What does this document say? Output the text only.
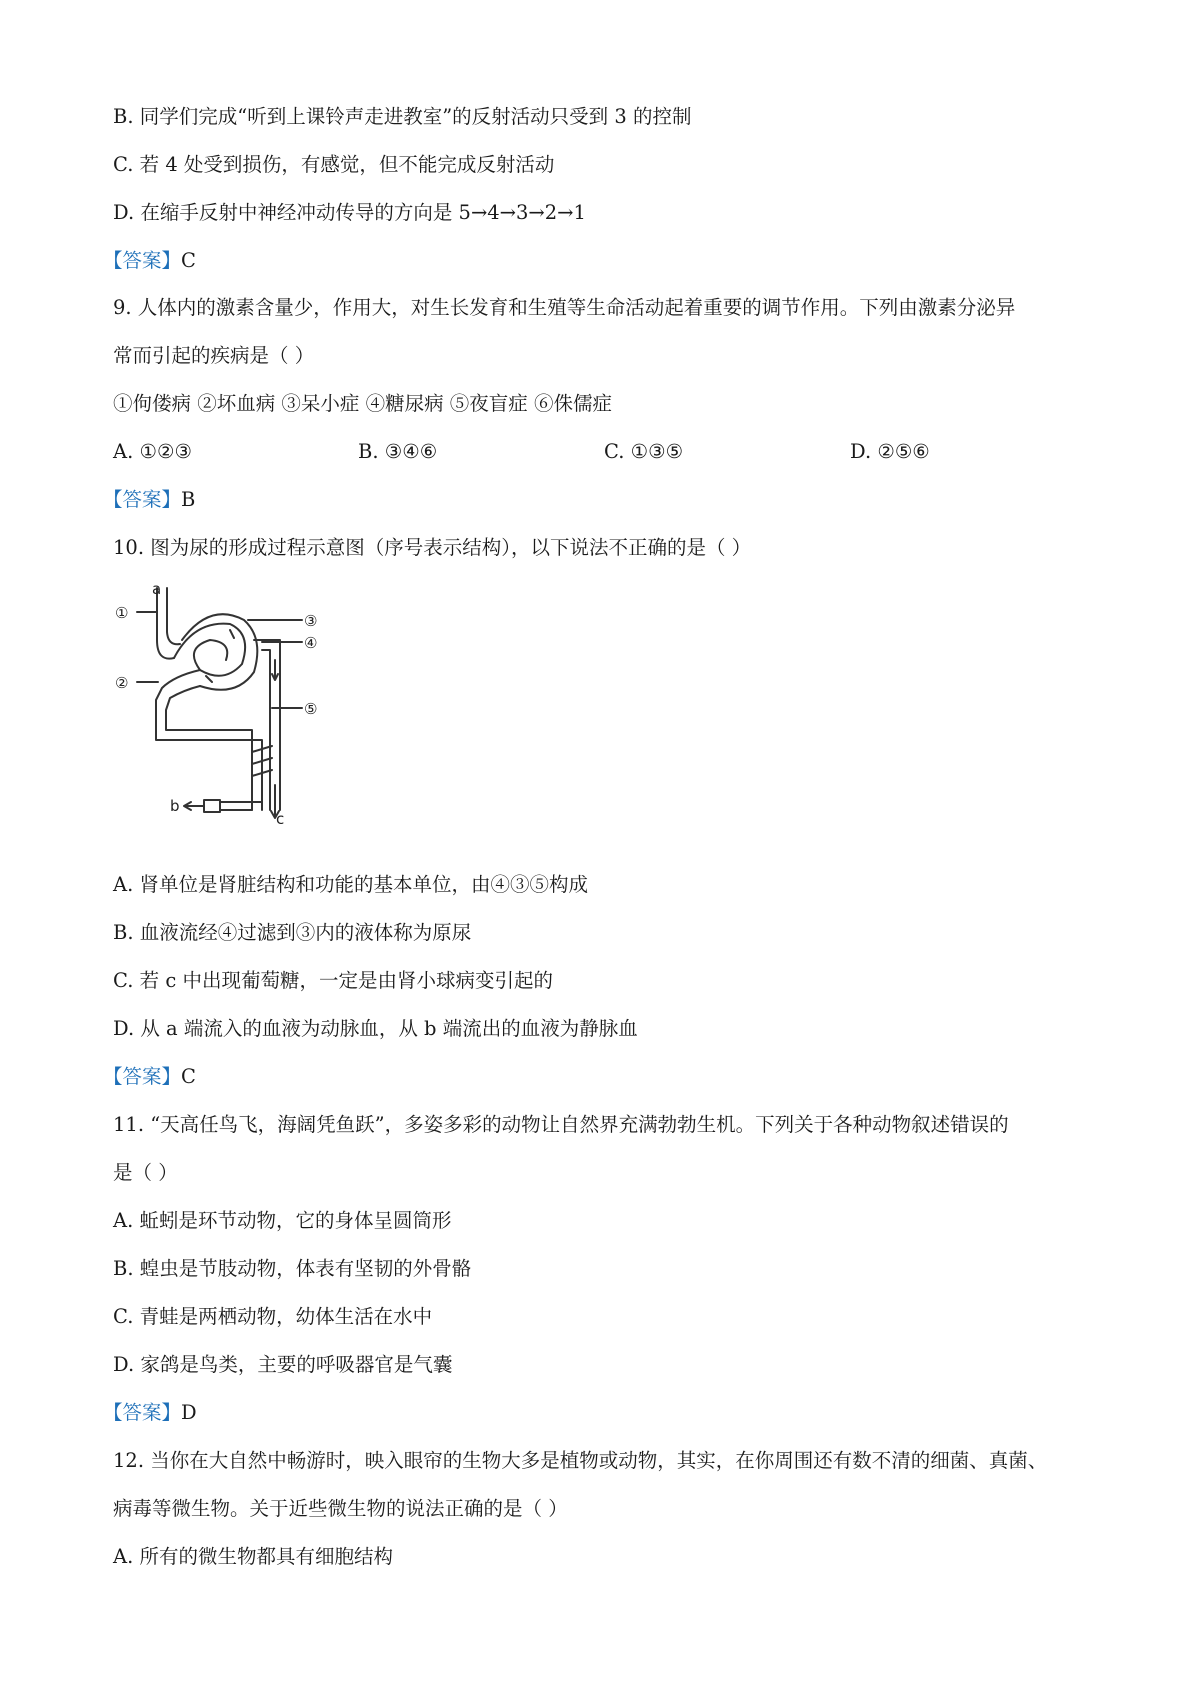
B. 同学们完成“听到上课铃声走进教室”的反射活动只受到 3 的控制
C. 若 4 处受到损伤，有感觉，但不能完成反射活动
D. 在缩手反射中神经冲动传导的方向是 5→4→3→2→1
【答案】C
9. 人体内的激素含量少，作用大，对生长发育和生殖等生命活动起着重要的调节作用。下列由激素分泌异
常而引起的疾病是（ ）
①佝偻病 ②坏血病 ③呆小症 ④糖尿病 ⑤夜盲症 ⑥侏儒症
A. ①②③	B. ③④⑥	C. ①③⑤	D. ②⑤⑥
【答案】B
10. 图为尿的形成过程示意图（序号表示结构），以下说法不正确的是（ ）
a
①
②
③
④
⑤
b
c
A. 肾单位是肾脏结构和功能的基本单位，由④③⑤构成
B. 血液流经④过滤到③内的液体称为原尿
C. 若 c 中出现葡萄糖，一定是由肾小球病变引起的
D. 从 a 端流入的血液为动脉血，从 b 端流出的血液为静脉血
【答案】C
11. “天高任鸟飞，海阔凭鱼跃”，多姿多彩的动物让自然界充满勃勃生机。下列关于各种动物叙述错误的
是（ ）
A. 蚯蚓是环节动物，它的身体呈圆筒形
B. 蝗虫是节肢动物，体表有坚韧的外骨骼
C. 青蛙是两栖动物，幼体生活在水中
D. 家鸽是鸟类，主要的呼吸器官是气囊
【答案】D
12. 当你在大自然中畅游时，映入眼帘的生物大多是植物或动物，其实，在你周围还有数不清的细菌、真菌、
病毒等微生物。关于近些微生物的说法正确的是（ ）
A. 所有的微生物都具有细胞结构
